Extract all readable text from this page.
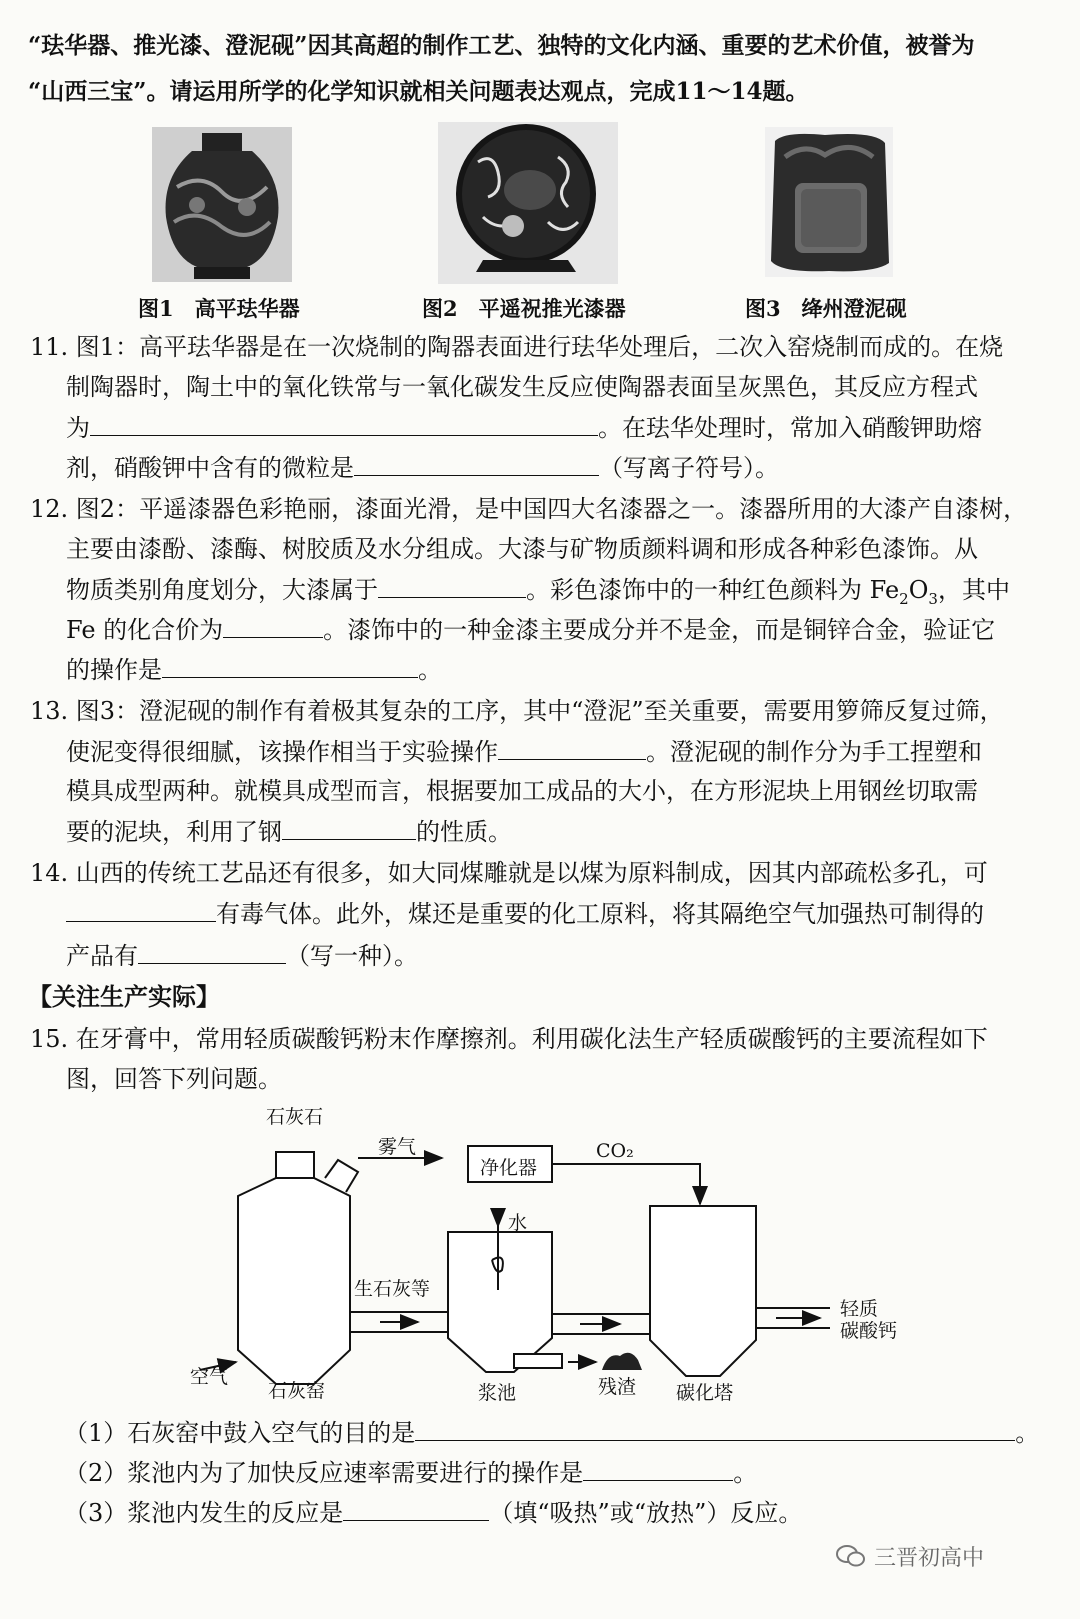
“珐华器、推光漆、澄泥砚”因其高超的制作工艺、独特的文化内涵、重要的艺术价值，被誉为
“山西三宝”。请运用所学的化学知识就相关问题表达观点，完成11～14题。
图1　高平珐华器	图2　平遥祝推光漆器	图3　绛州澄泥砚
11. 图1：高平珐华器是在一次烧制的陶器表面进行珐华处理后，二次入窑烧制而成的。在烧
制陶器时，陶土中的氧化铁常与一氧化碳发生反应使陶器表面呈灰黑色，其反应方程式
为	。在珐华处理时，常加入硝酸钾助熔
剂，硝酸钾中含有的微粒是	（写离子符号）。
12. 图2：平遥漆器色彩艳丽，漆面光滑，是中国四大名漆器之一。漆器所用的大漆产自漆树，
主要由漆酚、漆酶、树胶质及水分组成。大漆与矿物质颜料调和形成各种彩色漆饰。从
物质类别角度划分，大漆属于	。彩色漆饰中的一种红色颜料为 $Fe_2O_3$，其中
Fe 的化合价为	。漆饰中的一种金漆主要成分并不是金，而是铜锌合金，验证它
的操作是	。
13. 图3：澄泥砚的制作有着极其复杂的工序，其中“澄泥”至关重要，需要用箩筛反复过筛，
使泥变得很细腻，该操作相当于实验操作	。澄泥砚的制作分为手工捏塑和
模具成型两种。就模具成型而言，根据要加工成品的大小，在方形泥块上用钢丝切取需
要的泥块，利用了钢	的性质。
14. 山西的传统工艺品还有很多，如大同煤雕就是以煤为原料制成，因其内部疏松多孔，可
有毒气体。此外，煤还是重要的化工原料，将其隔绝空气加强热可制得的
产品有	（写一种）。
【关注生产实际】
15. 在牙膏中，常用轻质碳酸钙粉末作摩擦剂。利用碳化法生产轻质碳酸钙的主要流程如下
图，回答下列问题。
石灰石
雾气
净化器
CO₂
水
生石灰等
空气
石灰窑	浆池	残渣 碳化塔
轻质
碳酸钙
（1）石灰窑中鼓入空气的目的是	。
（2）浆池内为了加快反应速率需要进行的操作是	。
（3）浆池内发生的反应是	（填“吸热”或“放热”）反应。
三晋初高中
